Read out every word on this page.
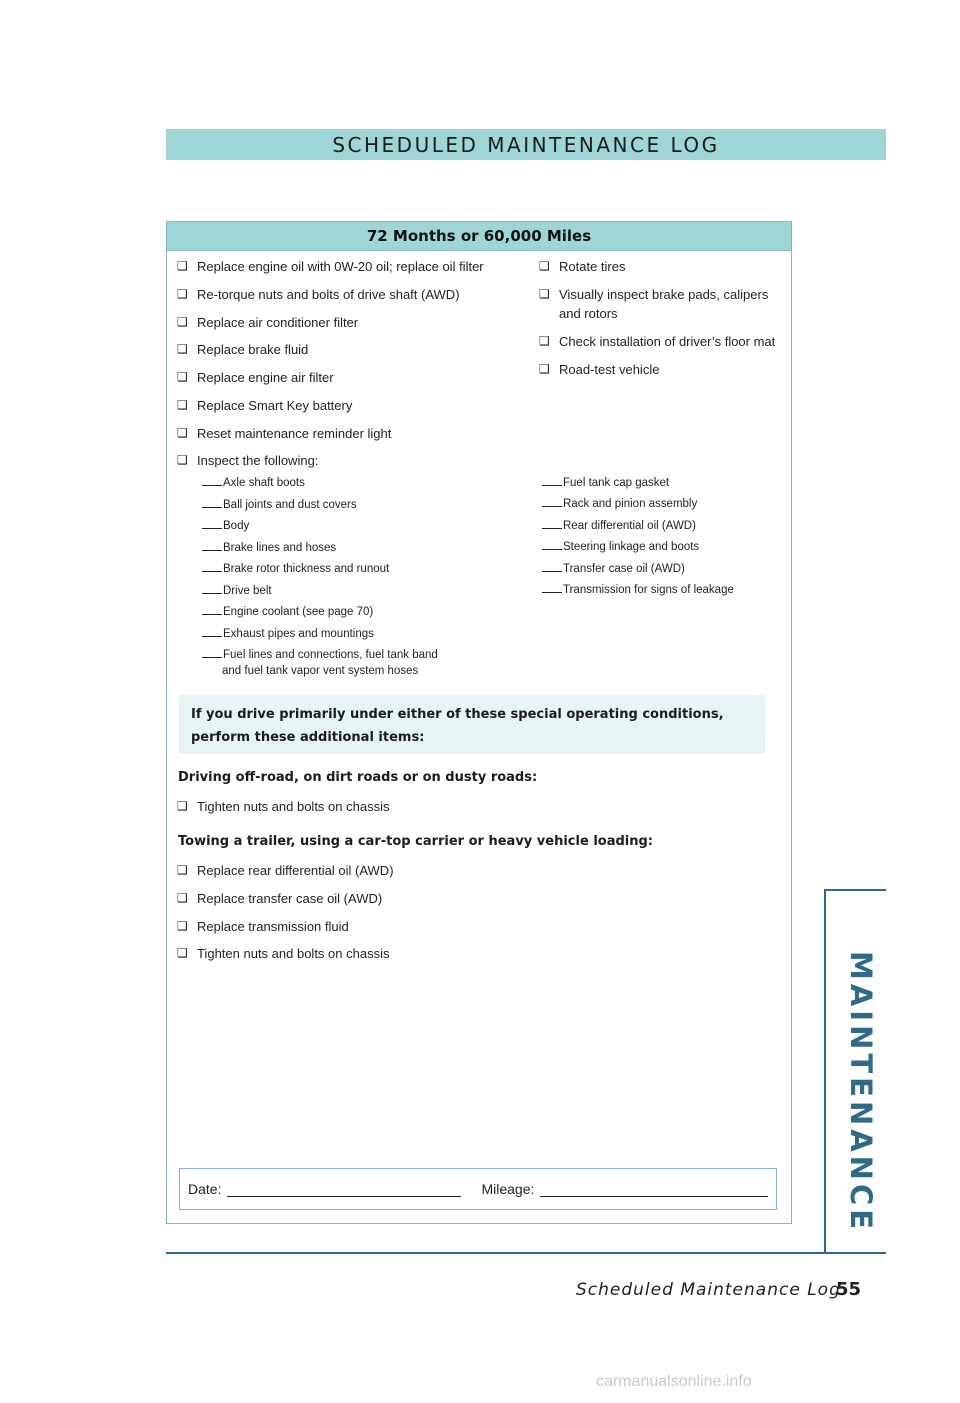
SCHEDULED MAINTENANCE LOG
72 Months or 60,000 Miles
❑ Replace engine oil with 0W-20 oil; replace oil filter
❑ Re-torque nuts and bolts of drive shaft (AWD)
❑ Replace air conditioner filter
❑ Replace brake fluid
❑ Replace engine air filter
❑ Replace Smart Key battery
❑ Reset maintenance reminder light
❑ Inspect the following:
❑ Rotate tires
❑ Visually inspect brake pads, calipers
and rotors
❑ Check installation of driver’s floor mat
❑ Road-test vehicle
Axle shaft boots
Ball joints and dust covers
Body
Brake lines and hoses
Brake rotor thickness and runout
Drive belt
Engine coolant (see page 70)
Exhaust pipes and mountings
Fuel lines and connections, fuel tank band
and fuel tank vapor vent system hoses
Fuel tank cap gasket
Rack and pinion assembly
Rear differential oil (AWD)
Steering linkage and boots
Transfer case oil (AWD)
Transmission for signs of leakage
If you drive primarily under either of these special operating conditions, perform these additional items:
Driving off-road, on dirt roads or on dusty roads:
❑ Tighten nuts and bolts on chassis
Towing a trailer, using a car-top carrier or heavy vehicle loading:
❑ Replace rear differential oil (AWD)
❑ Replace transfer case oil (AWD)
❑ Replace transmission fluid
❑ Tighten nuts and bolts on chassis
Date:	Mileage:	MAINTENANCE
Scheduled Maintenance Log
55
carmanualsonline.info
